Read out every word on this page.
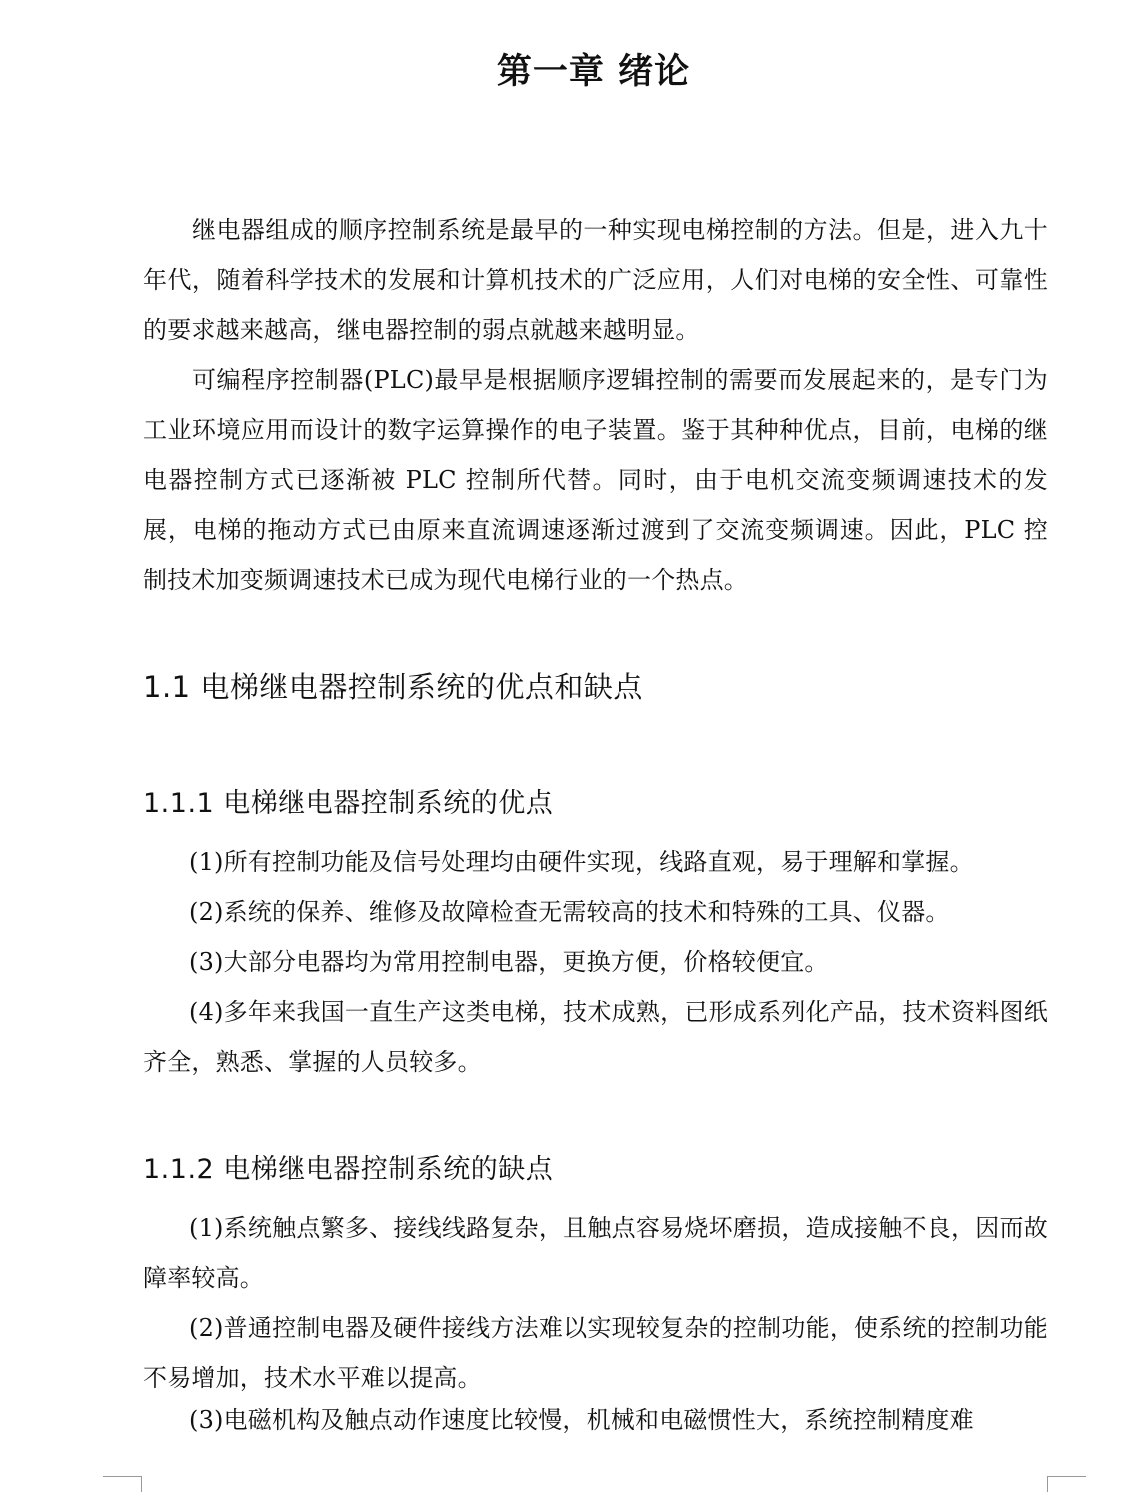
第一章 绪论

继电器组成的顺序控制系统是最早的一种实现电梯控制的方法。但是，进入九十年代，随着科学技术的发展和计算机技术的广泛应用，人们对电梯的安全性、可靠性的要求越来越高，继电器控制的弱点就越来越明显。

可编程序控制器(PLC)最早是根据顺序逻辑控制的需要而发展起来的，是专门为工业环境应用而设计的数字运算操作的电子装置。鉴于其种种优点，目前，电梯的继电器控制方式已逐渐被 PLC 控制所代替。同时，由于电机交流变频调速技术的发展，电梯的拖动方式已由原来直流调速逐渐过渡到了交流变频调速。因此，PLC 控制技术加变频调速技术已成为现代电梯行业的一个热点。

1.1 电梯继电器控制系统的优点和缺点
1.1.1 电梯继电器控制系统的优点

(1)所有控制功能及信号处理均由硬件实现，线路直观，易于理解和掌握。

(2)系统的保养、维修及故障检查无需较高的技术和特殊的工具、仪器。

(3)大部分电器均为常用控制电器，更换方便，价格较便宜。

(4)多年来我国一直生产这类电梯，技术成熟，已形成系列化产品，技术资料图纸齐全，熟悉、掌握的人员较多。

1.1.2 电梯继电器控制系统的缺点

(1)系统触点繁多、接线线路复杂，且触点容易烧坏磨损，造成接触不良，因而故障率较高。

(2)普通控制电器及硬件接线方法难以实现较复杂的控制功能，使系统的控制功能不易增加，技术水平难以提高。

(3)电磁机构及触点动作速度比较慢，机械和电磁惯性大，系统控制精度难
